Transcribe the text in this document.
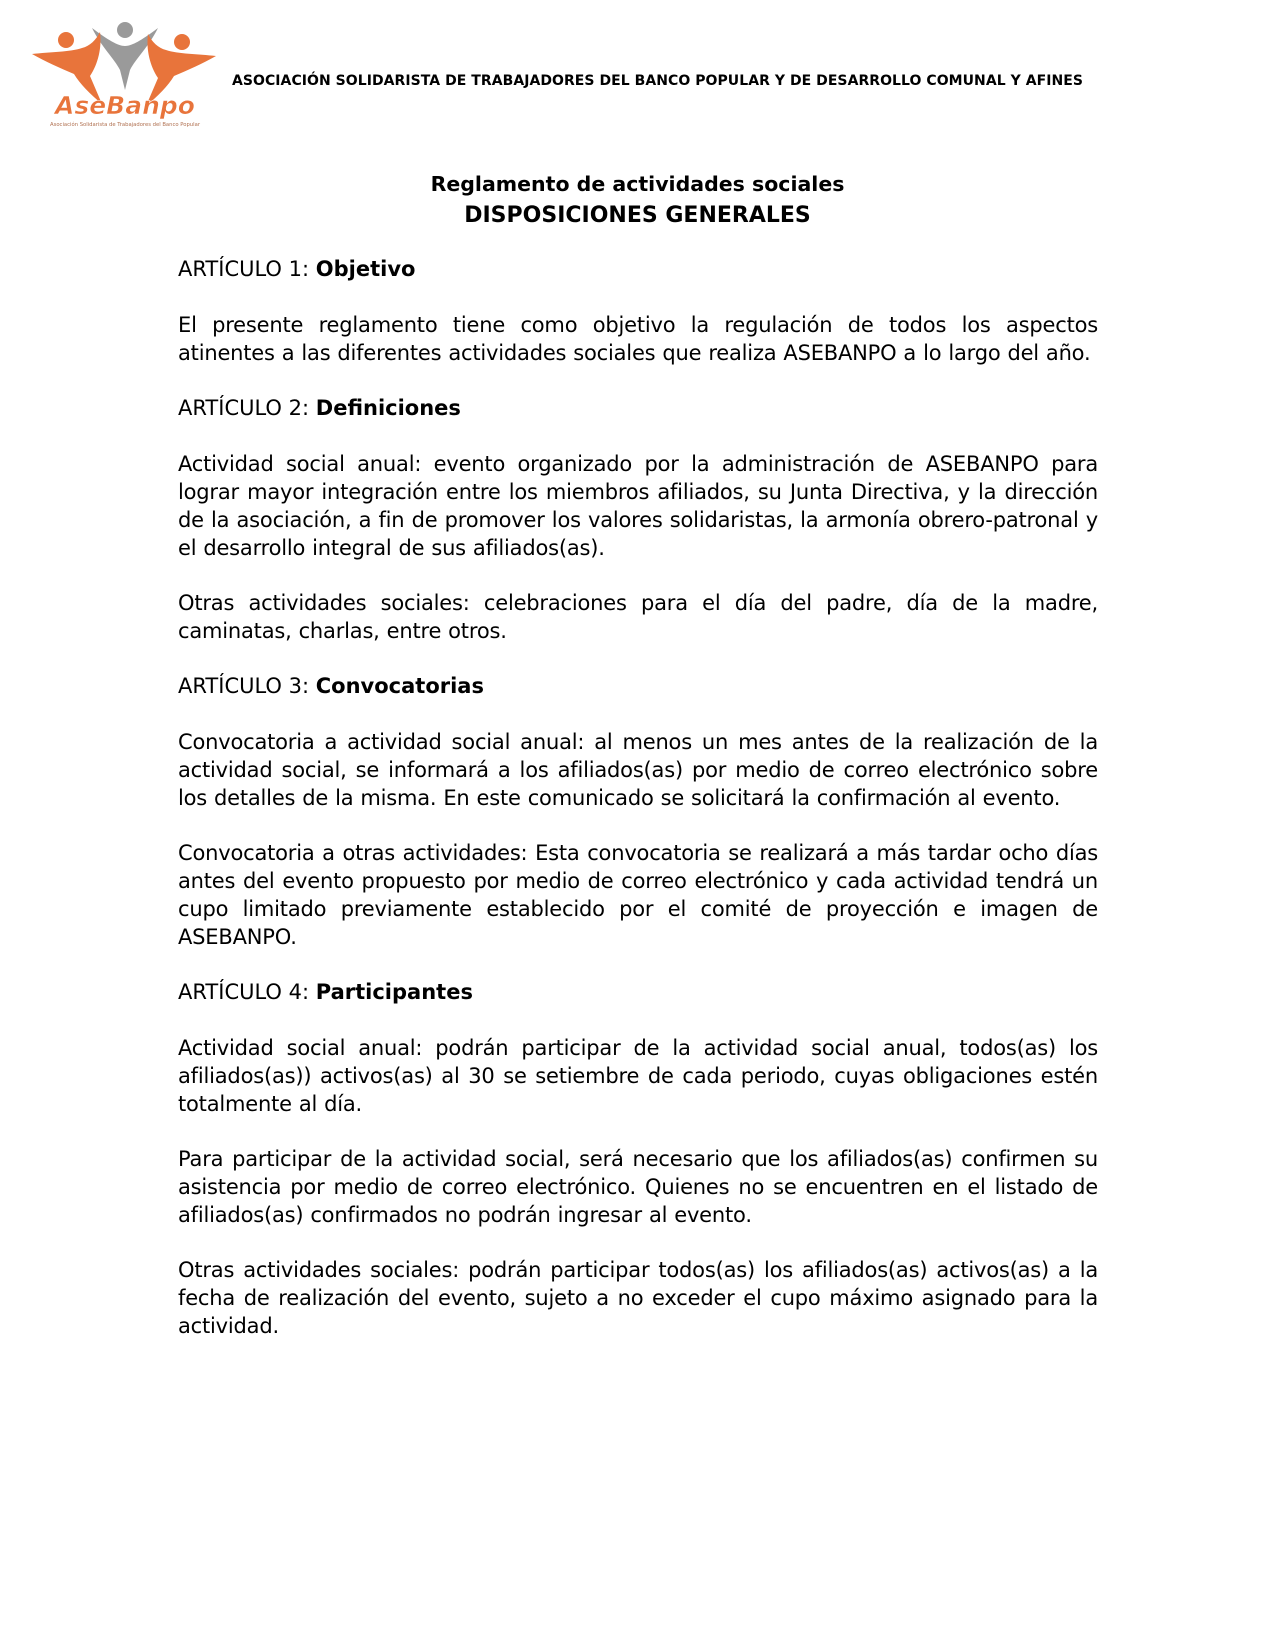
AseBanpo
Asociación Solidarista de Trabajadores del Banco Popular

ASOCIACIÓN SOLIDARISTA DE TRABAJADORES DEL BANCO POPULAR Y DE DESARROLLO COMUNAL Y AFINES

Reglamento de actividades sociales

DISPOSICIONES GENERALES

ARTÍCULO 1: Objetivo

El presente reglamento tiene como objetivo la regulación de todos los aspectos atinentes a las diferentes actividades sociales que realiza ASEBANPO a lo largo del año.

ARTÍCULO 2: Definiciones

Actividad social anual: evento organizado por la administración de ASEBANPO para lograr mayor integración entre los miembros afiliados, su Junta Directiva, y la dirección de la asociación, a fin de promover los valores solidaristas, la armonía obrero-patronal y el desarrollo integral de sus afiliados(as).

Otras actividades sociales: celebraciones para el día del padre, día de la madre, caminatas, charlas, entre otros.

ARTÍCULO 3: Convocatorias

Convocatoria a actividad social anual: al menos un mes antes de la realización de la actividad social, se informará a los afiliados(as) por medio de correo electrónico sobre los detalles de la misma. En este comunicado se solicitará la confirmación al evento.

Convocatoria a otras actividades: Esta convocatoria se realizará a más tardar ocho días antes del evento propuesto por medio de correo electrónico y cada actividad tendrá un cupo limitado previamente establecido por el comité de proyección e imagen de ASEBANPO.

ARTÍCULO 4: Participantes

Actividad social anual: podrán participar de la actividad social anual, todos(as) los afiliados(as)) activos(as) al 30 se setiembre de cada periodo, cuyas obligaciones estén totalmente al día.

Para participar de la actividad social, será necesario que los afiliados(as) confirmen su asistencia por medio de correo electrónico. Quienes no se encuentren en el listado de afiliados(as) confirmados no podrán ingresar al evento.

Otras actividades sociales: podrán participar todos(as) los afiliados(as) activos(as) a la fecha de realización del evento, sujeto a no exceder el cupo máximo asignado para la actividad.
